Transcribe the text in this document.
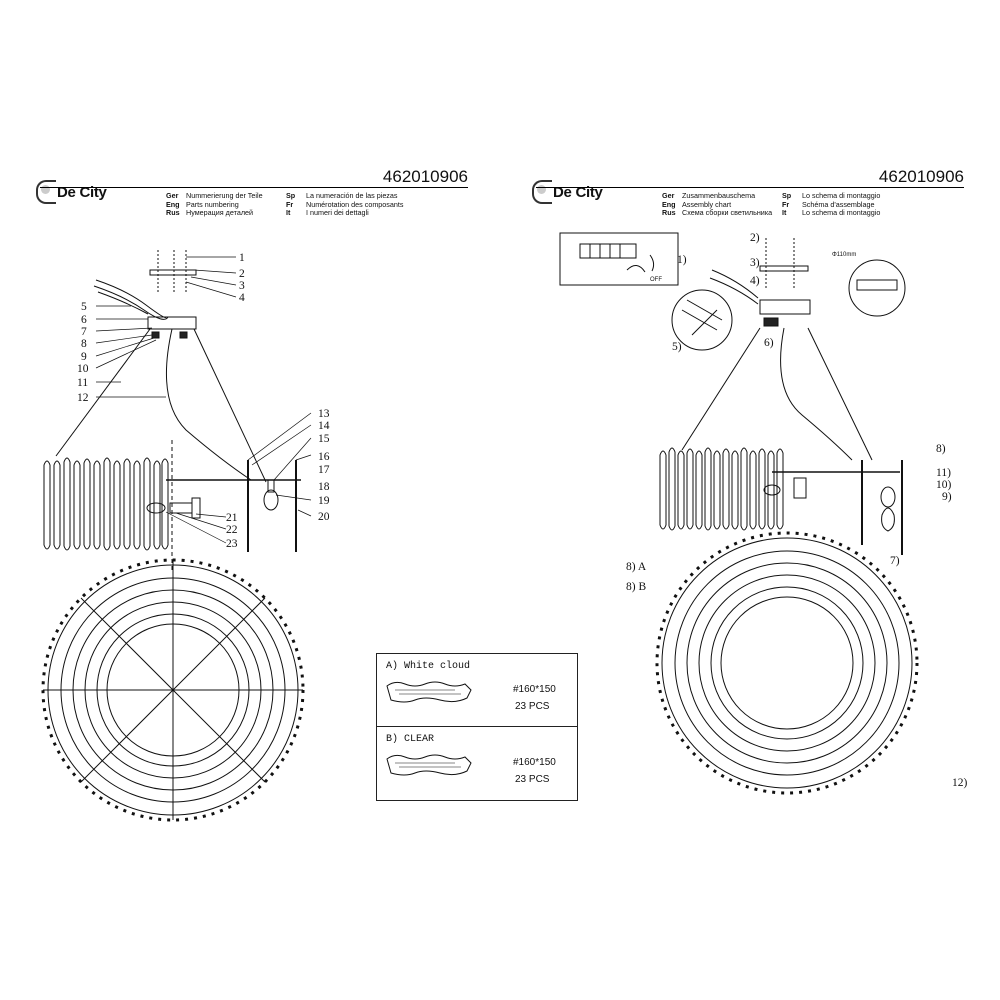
De City
462010906
Ger Nummerierung der Teile	Sp La numeración de las piezas
Eng Parts numbering	Fr Numérotation des composants
Rus Нумерация деталей	It I numeri dei dettagli
1
2
3
4
5
6
7
8
9
10
11
12
13
14
15
16
17
18
19
20
21
22
23
A) White cloud
#160*150
23 PCS
B) CLEAR
#160*150
23 PCS
De City
462010906
Ger Zusammenbauschema	Sp Lo schema di montaggio
Eng Assembly chart	Fr Schéma d'assemblage
Rus Схема сборки светильника	It Lo schema di montaggio
1)
2)
3)
4)
5)	6)
7)
8)
9)
10)
11)
8) A
8) B
12)
Φ110mm
OFF
